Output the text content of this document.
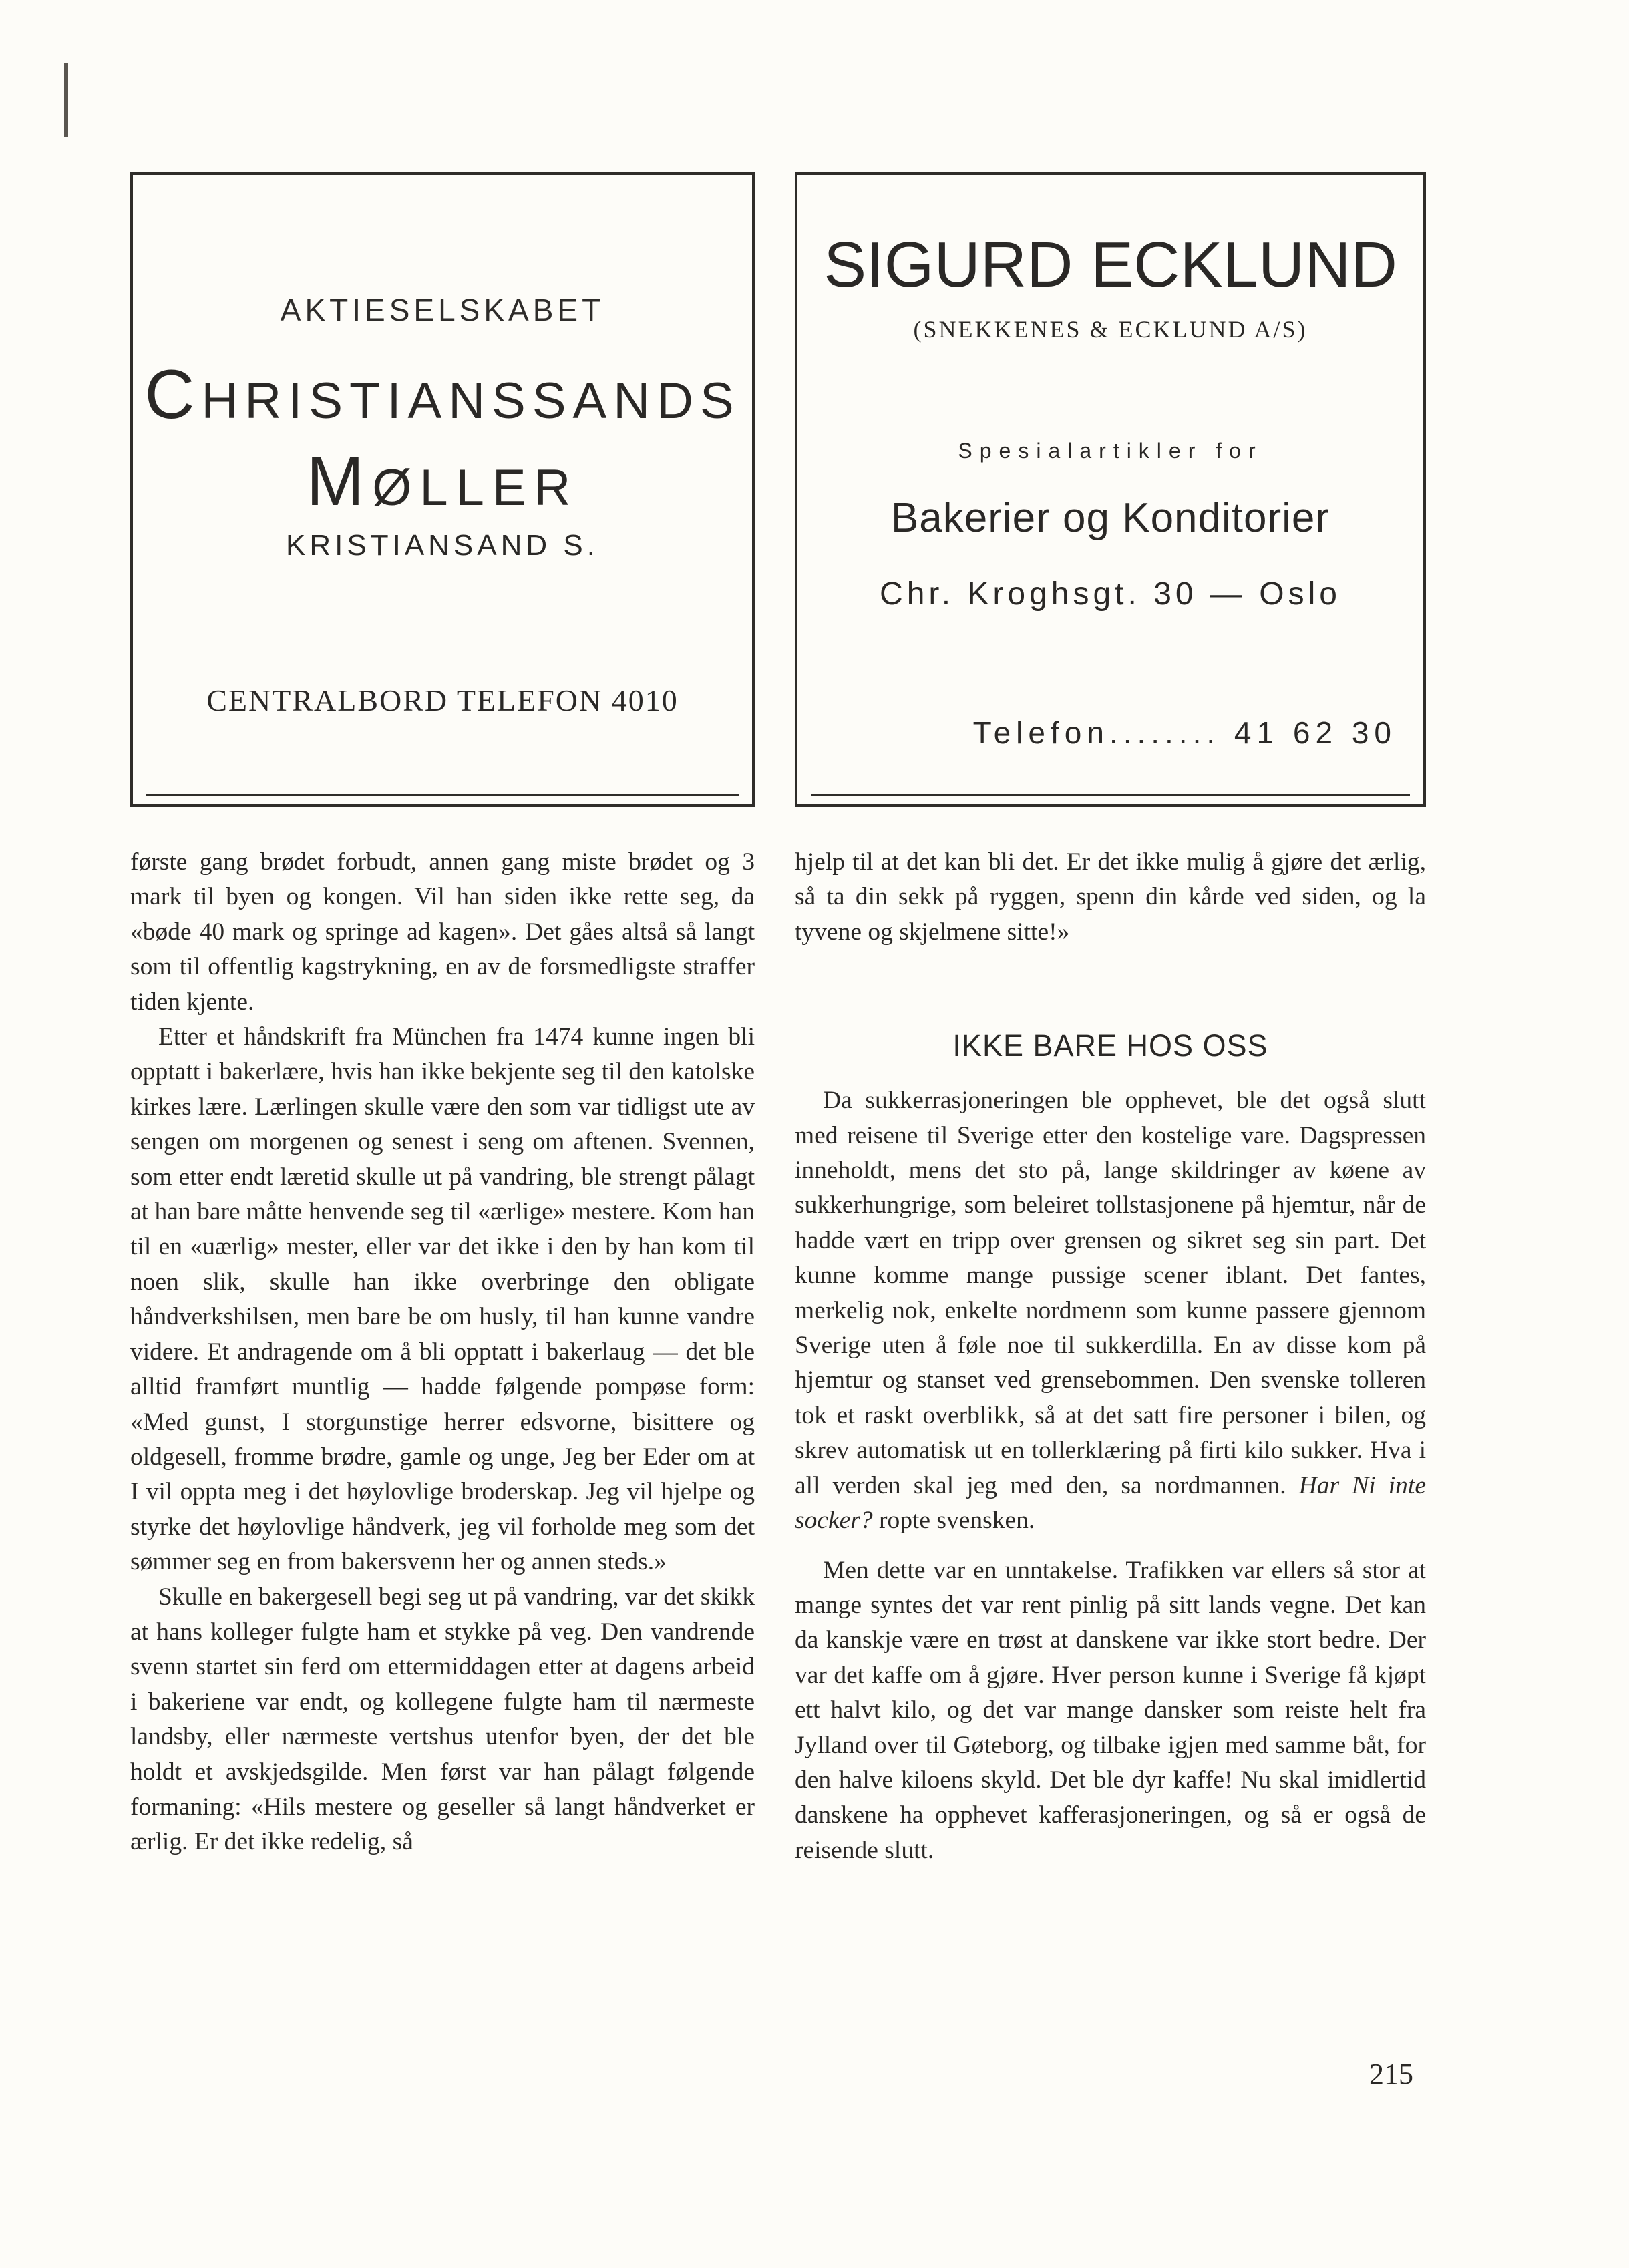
AKTIESELSKABET
CHRISTIANSSANDS
MØLLER
KRISTIANSAND S.
CENTRALBORD TELEFON 4010
SIGURD ECKLUND
(SNEKKENES & ECKLUND A/S)
Spesialartikler for
Bakerier og Konditorier
Chr. Kroghsgt. 30 — Oslo
Telefon........ 41 62 30

første gang brødet forbudt, annen gang miste brødet og 3 mark til byen og kongen. Vil han siden ikke rette seg, da «bøde 40 mark og springe ad kagen». Det gåes altså så langt som til offentlig kagstrykning, en av de forsmedligste straffer tiden kjente.

Etter et håndskrift fra München fra 1474 kunne ingen bli opptatt i bakerlære, hvis han ikke bekjente seg til den katolske kirkes lære. Lærlingen skulle være den som var tidligst ute av sengen om morgenen og senest i seng om aftenen. Svennen, som etter endt læretid skulle ut på vandring, ble strengt pålagt at han bare måtte henvende seg til «ærlige» mestere. Kom han til en «uærlig» mester, eller var det ikke i den by han kom til noen slik, skulle han ikke overbringe den obligate håndverkshilsen, men bare be om husly, til han kunne vandre videre. Et andragende om å bli opptatt i bakerlaug — det ble alltid framført muntlig — hadde følgende pompøse form: «Med gunst, I storgunstige herrer edsvorne, bisittere og oldgesell, fromme brødre, gamle og unge, Jeg ber Eder om at I vil oppta meg i det høylovlige broderskap. Jeg vil hjelpe og styrke det høylovlige håndverk, jeg vil forholde meg som det sømmer seg en from bakersvenn her og annen steds.»

Skulle en bakergesell begi seg ut på vandring, var det skikk at hans kolleger fulgte ham et stykke på veg. Den vandrende svenn startet sin ferd om ettermiddagen etter at dagens arbeid i bakeriene var endt, og kollegene fulgte ham til nærmeste landsby, eller nærmeste vertshus utenfor byen, der det ble holdt et avskjedsgilde. Men først var han pålagt følgende formaning: «Hils mestere og geseller så langt håndverket er ærlig. Er det ikke redelig, så

hjelp til at det kan bli det. Er det ikke mulig å gjøre det ærlig, så ta din sekk på ryggen, spenn din kårde ved siden, og la tyvene og skjelmene sitte!»

IKKE BARE HOS OSS

Da sukkerrasjoneringen ble opphevet, ble det også slutt med reisene til Sverige etter den kostelige vare. Dagspressen inneholdt, mens det sto på, lange skildringer av køene av sukkerhungrige, som beleiret tollstasjonene på hjemtur, når de hadde vært en tripp over grensen og sikret seg sin part. Det kunne komme mange pussige scener iblant. Det fantes, merkelig nok, enkelte nordmenn som kunne passere gjennom Sverige uten å føle noe til sukkerdilla. En av disse kom på hjemtur og stanset ved grensebommen. Den svenske tolleren tok et raskt overblikk, så at det satt fire personer i bilen, og skrev automatisk ut en tollerklæring på firti kilo sukker. Hva i all verden skal jeg med den, sa nordmannen. Har Ni inte socker? ropte svensken.

Men dette var en unntakelse. Trafikken var ellers så stor at mange syntes det var rent pinlig på sitt lands vegne. Det kan da kanskje være en trøst at danskene var ikke stort bedre. Der var det kaffe om å gjøre. Hver person kunne i Sverige få kjøpt ett halvt kilo, og det var mange dansker som reiste helt fra Jylland over til Gøteborg, og tilbake igjen med samme båt, for den halve kiloens skyld. Det ble dyr kaffe! Nu skal imidlertid danskene ha opphevet kafferasjoneringen, og så er også de reisende slutt.

215
